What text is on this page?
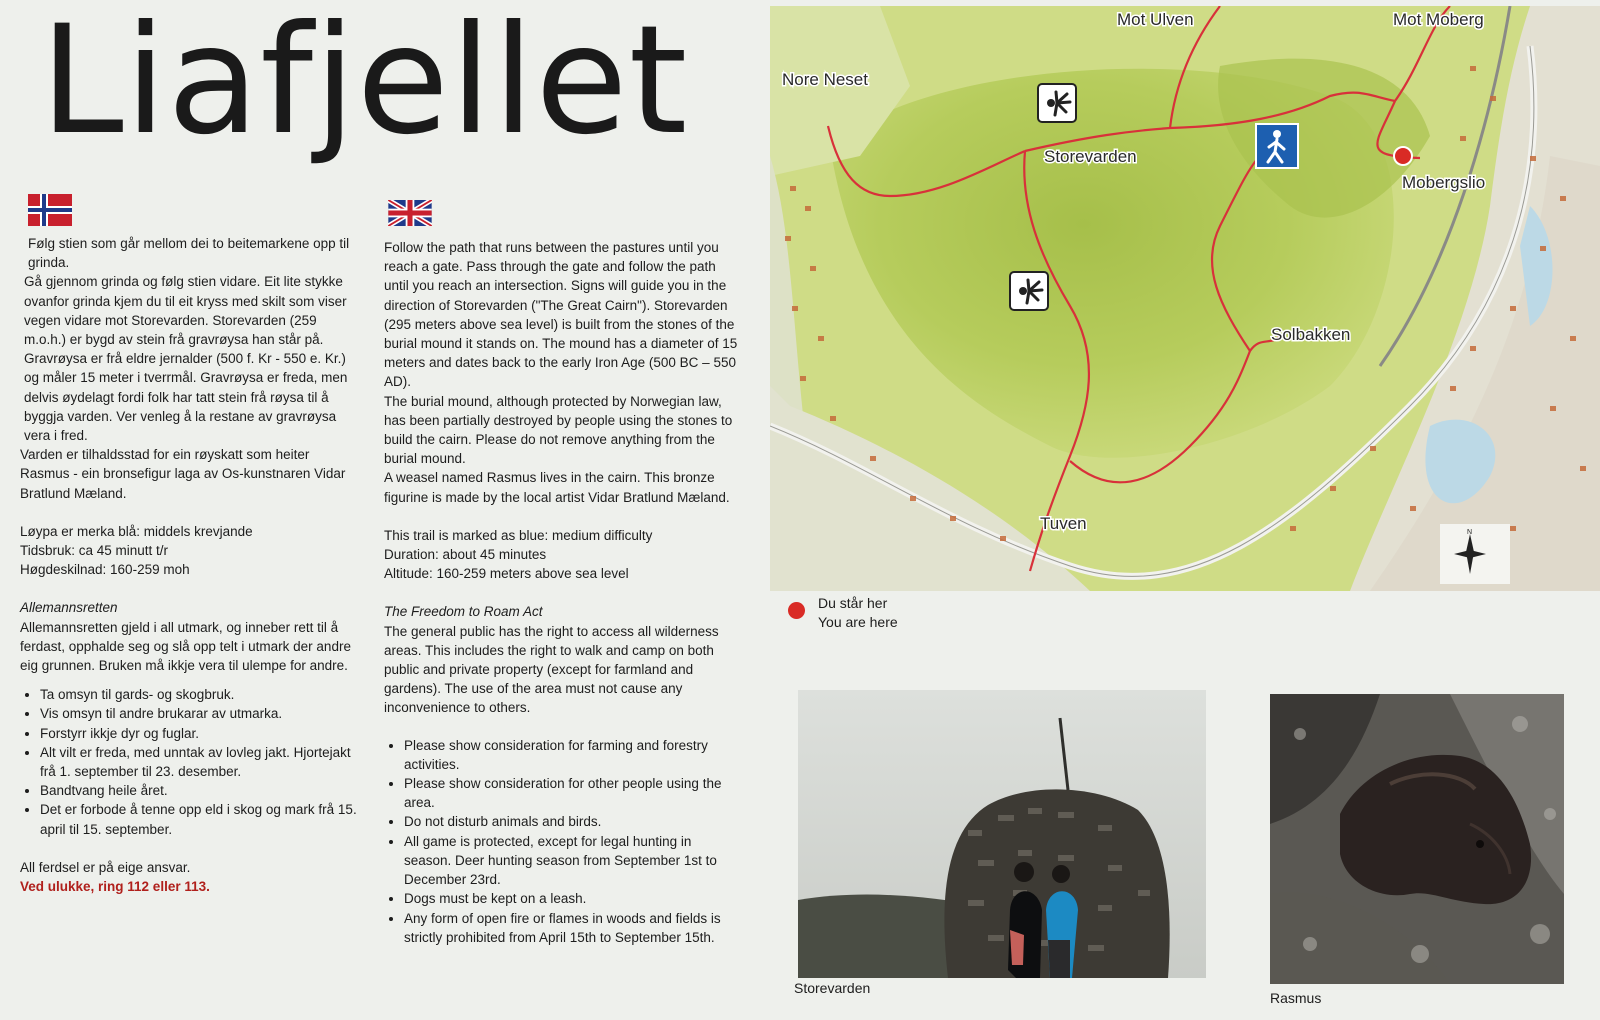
Liafjellet

Følg stien som går mellom dei to beitemarkene opp til grinda.

Gå gjennom grinda og følg stien vidare. Eit lite stykke ovanfor grinda kjem du til eit kryss med skilt som viser vegen vidare mot Storevarden. Storevarden (259 m.o.h.) er bygd av stein frå gravrøysa han står på. Gravrøysa er frå eldre jernalder (500 f. Kr - 550 e. Kr.) og måler 15 meter i tverrmål. Gravrøysa er freda, men delvis øydelagt fordi folk har tatt stein frå røysa til å byggja varden. Ver venleg å la restane av gravrøysa vera i fred.

Varden er tilhaldsstad for ein røyskatt som heiter Rasmus - ein bronsefigur laga av Os-kunstnaren Vidar Bratlund Mæland.

Løypa er merka blå: middels krevjande

Tidsbruk: ca 45 minutt t/r

Høgdeskilnad: 160-259 moh

Allemannsretten

Allemannsretten gjeld i all utmark, og inneber rett til å ferdast, opphalde seg og slå opp telt i utmark der andre eig grunnen. Bruken må ikkje vera til ulempe for andre.

• Ta omsyn til gards- og skogbruk.
• Vis omsyn til andre brukarar av utmarka.
• Forstyrr ikkje dyr og fuglar.
• Alt vilt er freda, med unntak av lovleg jakt. Hjortejakt frå 1. september til 23. desember.
• Bandtvang heile året.
• Det er forbode å tenne opp eld i skog og mark frå 15. april til 15. september.

All ferdsel er på eige ansvar.

Ved ulukke, ring 112 eller 113.

Follow the path that runs between the pastures until you reach a gate. Pass through the gate and follow the path until you reach an intersection. Signs will guide you in the direction of Storevarden ("The Great Cairn"). Storevarden (295 meters above sea level) is built from the stones of the burial mound it stands on. The mound has a diameter of 15 meters and dates back to the early Iron Age (500 BC – 550 AD).

The burial mound, although protected by Norwegian law, has been partially destroyed by people using the stones to build the cairn. Please do not remove anything from the burial mound.

A weasel named Rasmus lives in the cairn. This bronze figurine is made by the local artist Vidar Bratlund Mæland.

This trail is marked as blue: medium difficulty

Duration: about 45 minutes

Altitude: 160-259 meters above sea level

The Freedom to Roam Act

The general public has the right to access all wilderness areas. This includes the right to walk and camp on both public and private property (except for farmland and gardens). The use of the area must not cause any inconvenience to others.

• Please show consideration for farming and forestry activities.
• Please show consideration for other people using the area.
• Do not disturb animals and birds.
• All game is protected, except for legal hunting in season. Deer hunting season from September 1st to December 23rd.
• Dogs must be kept on a leash.
• Any form of open fire or flames in woods and fields is strictly prohibited from April 15th to September 15th.
N
Mot Ulven	Mot Moberg
Nore Neset
Storevarden
Mobergslio
Solbakken
Tuven
Du står her
You are here
Storevarden
Rasmus
